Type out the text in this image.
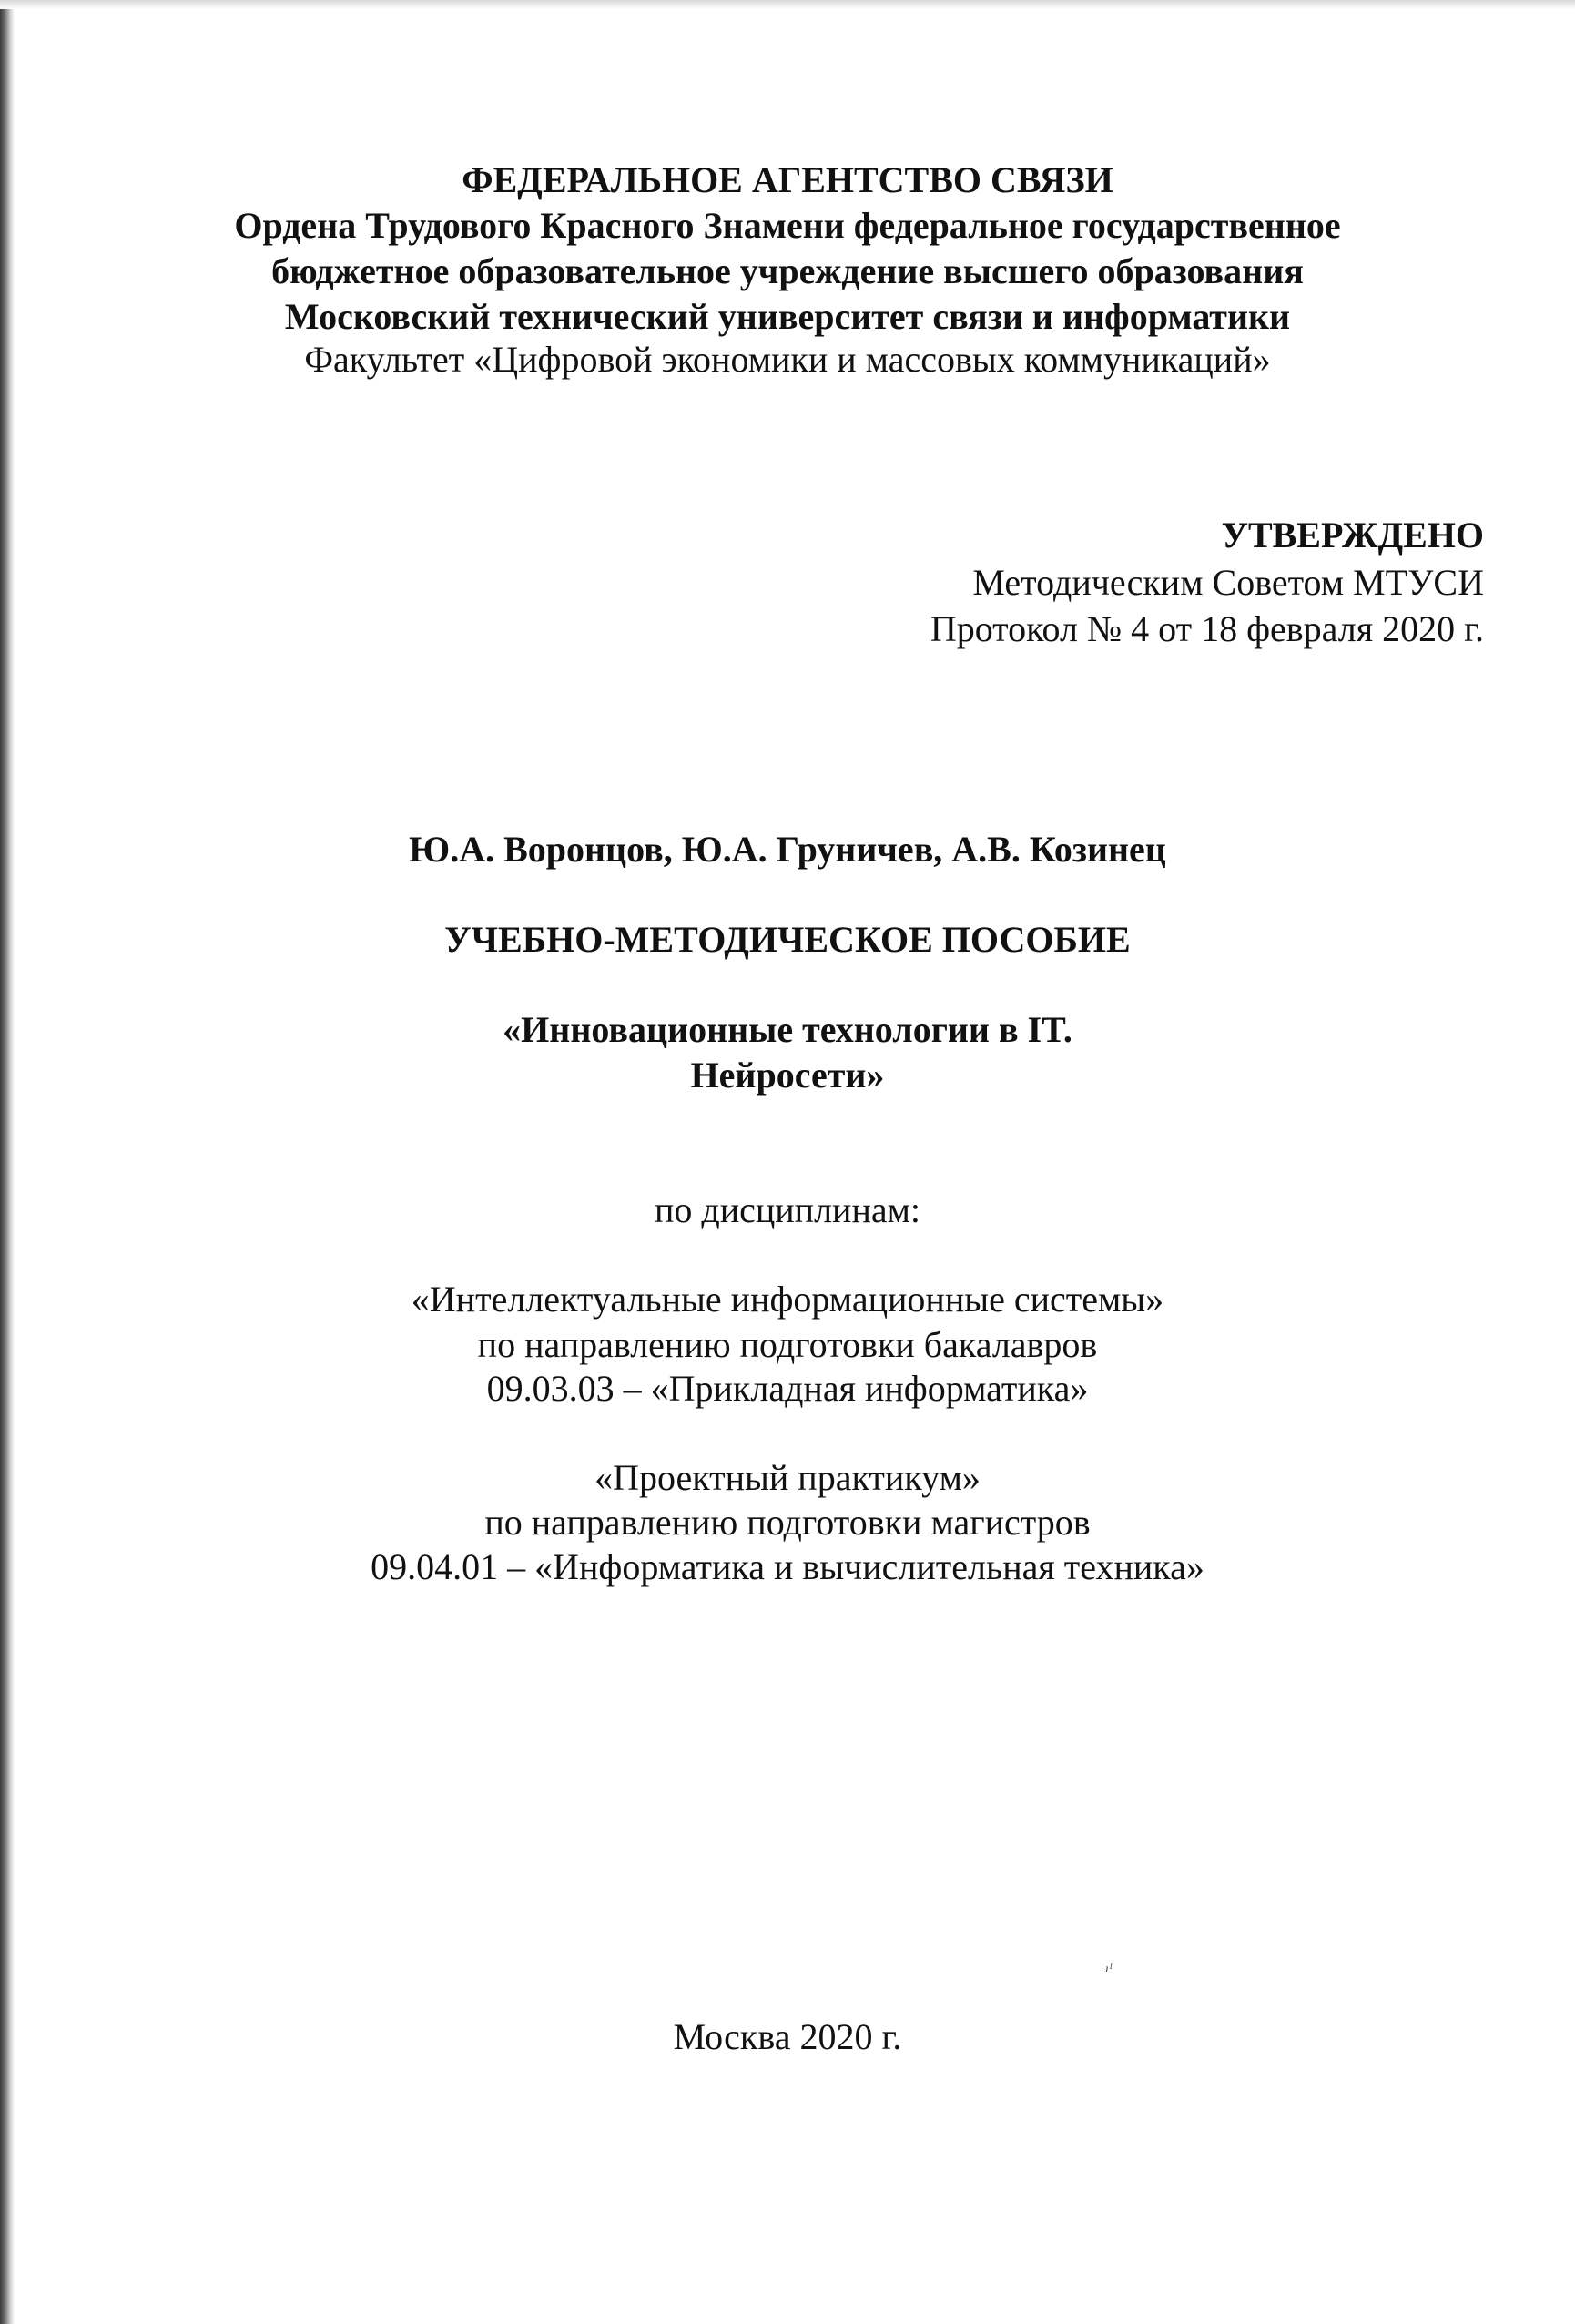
ФЕДЕРАЛЬНОЕ АГЕНТСТВО СВЯЗИ
Ордена Трудового Красного Знамени федеральное государственное
бюджетное образовательное учреждение высшего образования
Московский технический университет связи и информатики
Факультет «Цифровой экономики и массовых коммуникаций»
УТВЕРЖДЕНО
Методическим Советом МТУСИ
Протокол № 4 от 18 февраля 2020 г.
Ю.А. Воронцов, Ю.А. Груничев, А.В. Козинец
УЧЕБНО-МЕТОДИЧЕСКОЕ ПОСОБИЕ
«Инновационные технологии в IT.
Нейросети»
по дисциплинам:
«Интеллектуальные информационные системы»
по направлению подготовки бакалавров
09.03.03 – «Прикладная информатика»
«Проектный практикум»
по направлению подготовки магистров
09.04.01 – «Информатика и вычислительная техника»
ᴊᴵ
Москва 2020 г.
